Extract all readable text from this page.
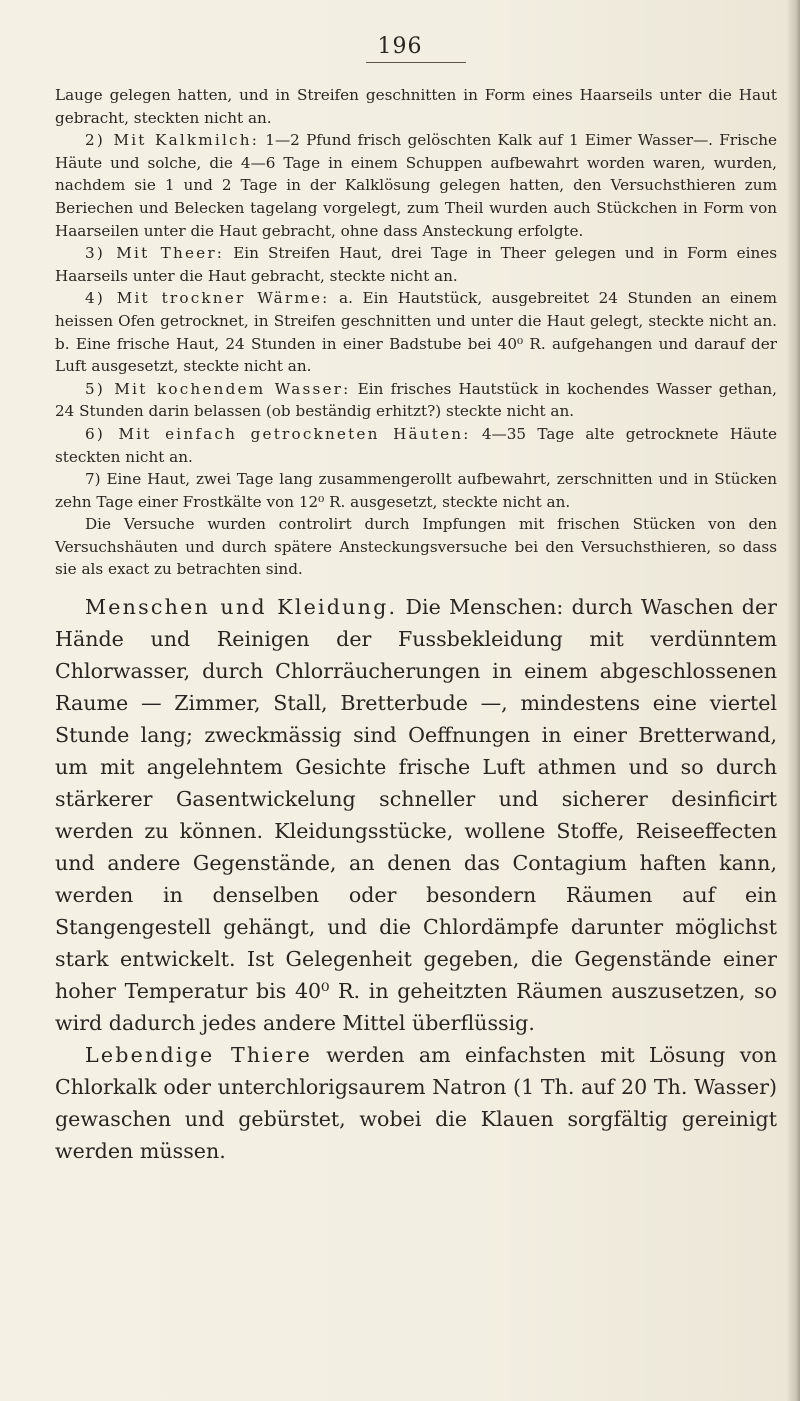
196

Lauge gelegen hatten, und in Streifen geschnitten in Form eines Haarseils unter die Haut gebracht, steckten nicht an.

2) Mit Kalkmilch: 1—2 Pfund frisch gelöschten Kalk auf 1 Eimer Wasser—. Frische Häute und solche, die 4—6 Tage in einem Schuppen aufbewahrt worden waren, wurden, nachdem sie 1 und 2 Tage in der Kalklösung gelegen hatten, den Versuchsthieren zum Beriechen und Belecken tagelang vorgelegt, zum Theil wurden auch Stückchen in Form von Haarseilen unter die Haut gebracht, ohne dass Ansteckung erfolgte.

3) Mit Theer: Ein Streifen Haut, drei Tage in Theer gelegen und in Form eines Haarseils unter die Haut gebracht, steckte nicht an.

4) Mit trockner Wärme: a. Ein Hautstück, ausgebreitet 24 Stunden an einem heissen Ofen getrocknet, in Streifen geschnitten und unter die Haut gelegt, steckte nicht an. b. Eine frische Haut, 24 Stunden in einer Badstube bei 40⁰ R. aufgehangen und darauf der Luft ausgesetzt, steckte nicht an.

5) Mit kochendem Wasser: Ein frisches Hautstück in kochendes Wasser gethan, 24 Stunden darin belassen (ob beständig erhitzt?) steckte nicht an.

6) Mit einfach getrockneten Häuten: 4—35 Tage alte getrocknete Häute steckten nicht an.

7) Eine Haut, zwei Tage lang zusammengerollt aufbewahrt, zerschnitten und in Stücken zehn Tage einer Frostkälte von 12⁰ R. ausgesetzt, steckte nicht an.

Die Versuche wurden controlirt durch Impfungen mit frischen Stücken von den Versuchshäuten und durch spätere Ansteckungsversuche bei den Versuchsthieren, so dass sie als exact zu betrachten sind.

Menschen und Kleidung. Die Menschen: durch Waschen der Hände und Reinigen der Fussbekleidung mit verdünntem Chlorwasser, durch Chlorräucherungen in einem abgeschlossenen Raume — Zimmer, Stall, Bretterbude —, mindestens eine viertel Stunde lang; zweckmässig sind Oeffnungen in einer Bretterwand, um mit angelehntem Gesichte frische Luft athmen und so durch stärkerer Gasentwickelung schneller und sicherer desinficirt werden zu können. Kleidungsstücke, wollene Stoffe, Reiseeffecten und andere Gegenstände, an denen das Contagium haften kann, werden in denselben oder besondern Räumen auf ein Stangengestell gehängt, und die Chlordämpfe darunter möglichst stark entwickelt. Ist Gelegenheit gegeben, die Gegenstände einer hoher Temperatur bis 40⁰ R. in geheitzten Räumen auszusetzen, so wird dadurch jedes andere Mittel überflüssig.

Lebendige Thiere werden am einfachsten mit Lösung von Chlorkalk oder unterchlorigsaurem Natron (1 Th. auf 20 Th. Wasser) gewaschen und gebürstet, wobei die Klauen sorgfältig gereinigt werden müssen.
